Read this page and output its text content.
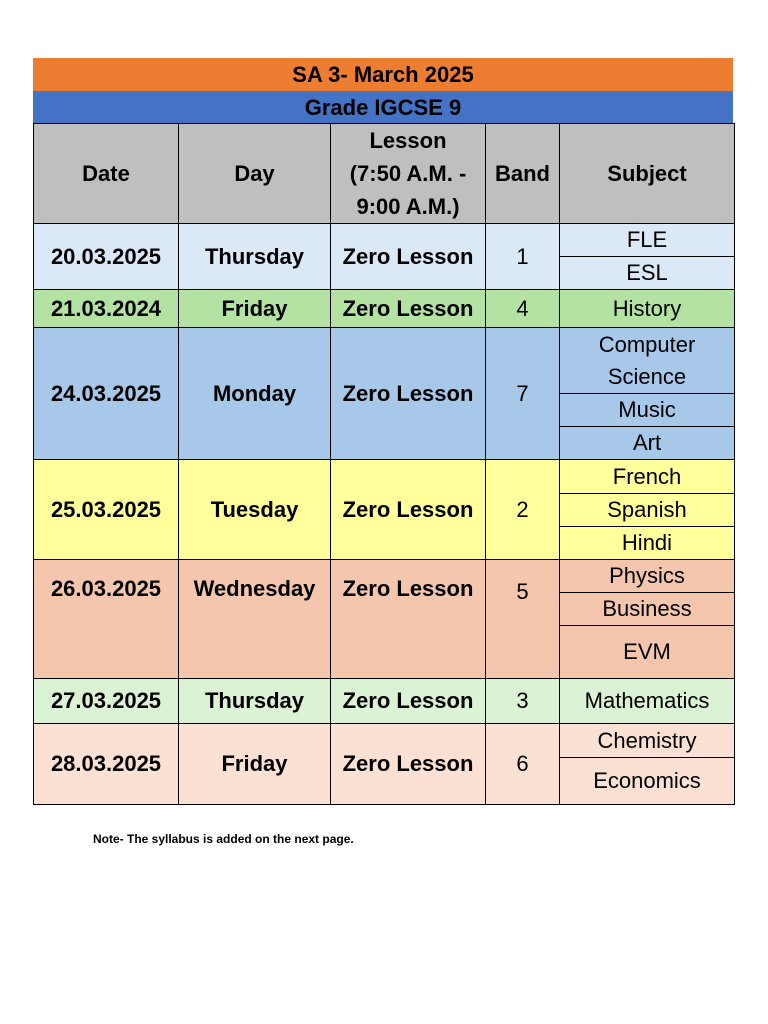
SA 3- March 2025
Grade IGCSE 9
Date	Day	Lesson
(7:50 A.M. -
9:00 A.M.)	Band	Subject
20.03.2025	Thursday	Zero Lesson	1	FLE
				ESL
21.03.2024	Friday	Zero Lesson	4	History
24.03.2025	Monday	Zero Lesson	7	Computer Science
				Music
				Art
25.03.2025	Tuesday	Zero Lesson	2	French
				Spanish
				Hindi
26.03.2025	Wednesday	Zero Lesson	5	Physics
				Business
				EVM
27.03.2025	Thursday	Zero Lesson	3	Mathematics
28.03.2025	Friday	Zero Lesson	6	Chemistry
				Economics
Note- The syllabus is added on the next page.
